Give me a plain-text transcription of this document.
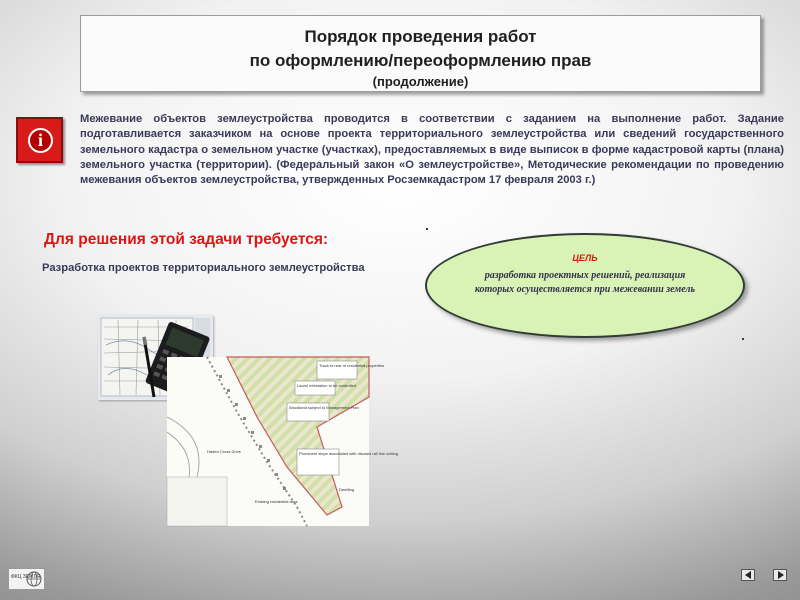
Порядок проведения работ
по оформлению/переоформлению прав
(продолжение)
i
Межевание объектов землеустройства проводится в соответствии с заданием на выполнение работ. Задание подготавливается заказчиком на основе проекта территориального землеустройства или сведений государственного земельного кадастра о земельном участке (участках), предоставляемых в виде выписок в форме кадастровой карты (плана) земельного участка (территории). (Федеральный закон «О землеустройстве», Методические рекомендации по проведению межевания объектов землеустройства, утвержденных Росземкадастром 17 февраля 2003 г.)
Для решения этой задачи требуется:
Разработка проектов территориального землеустройства
ЦЕЛЬ
разработка проектных решений, реализация которых осуществляется при межевании земель
Track to rear of residential properties
Laurel infestation to be controlled
Woodland subject to Management Plan
Prominent slope associated with disused rail line cutting
Haden Cross Drive
Existing residential area
Dwelling
ФКЦ ЗЕМЛЯ
